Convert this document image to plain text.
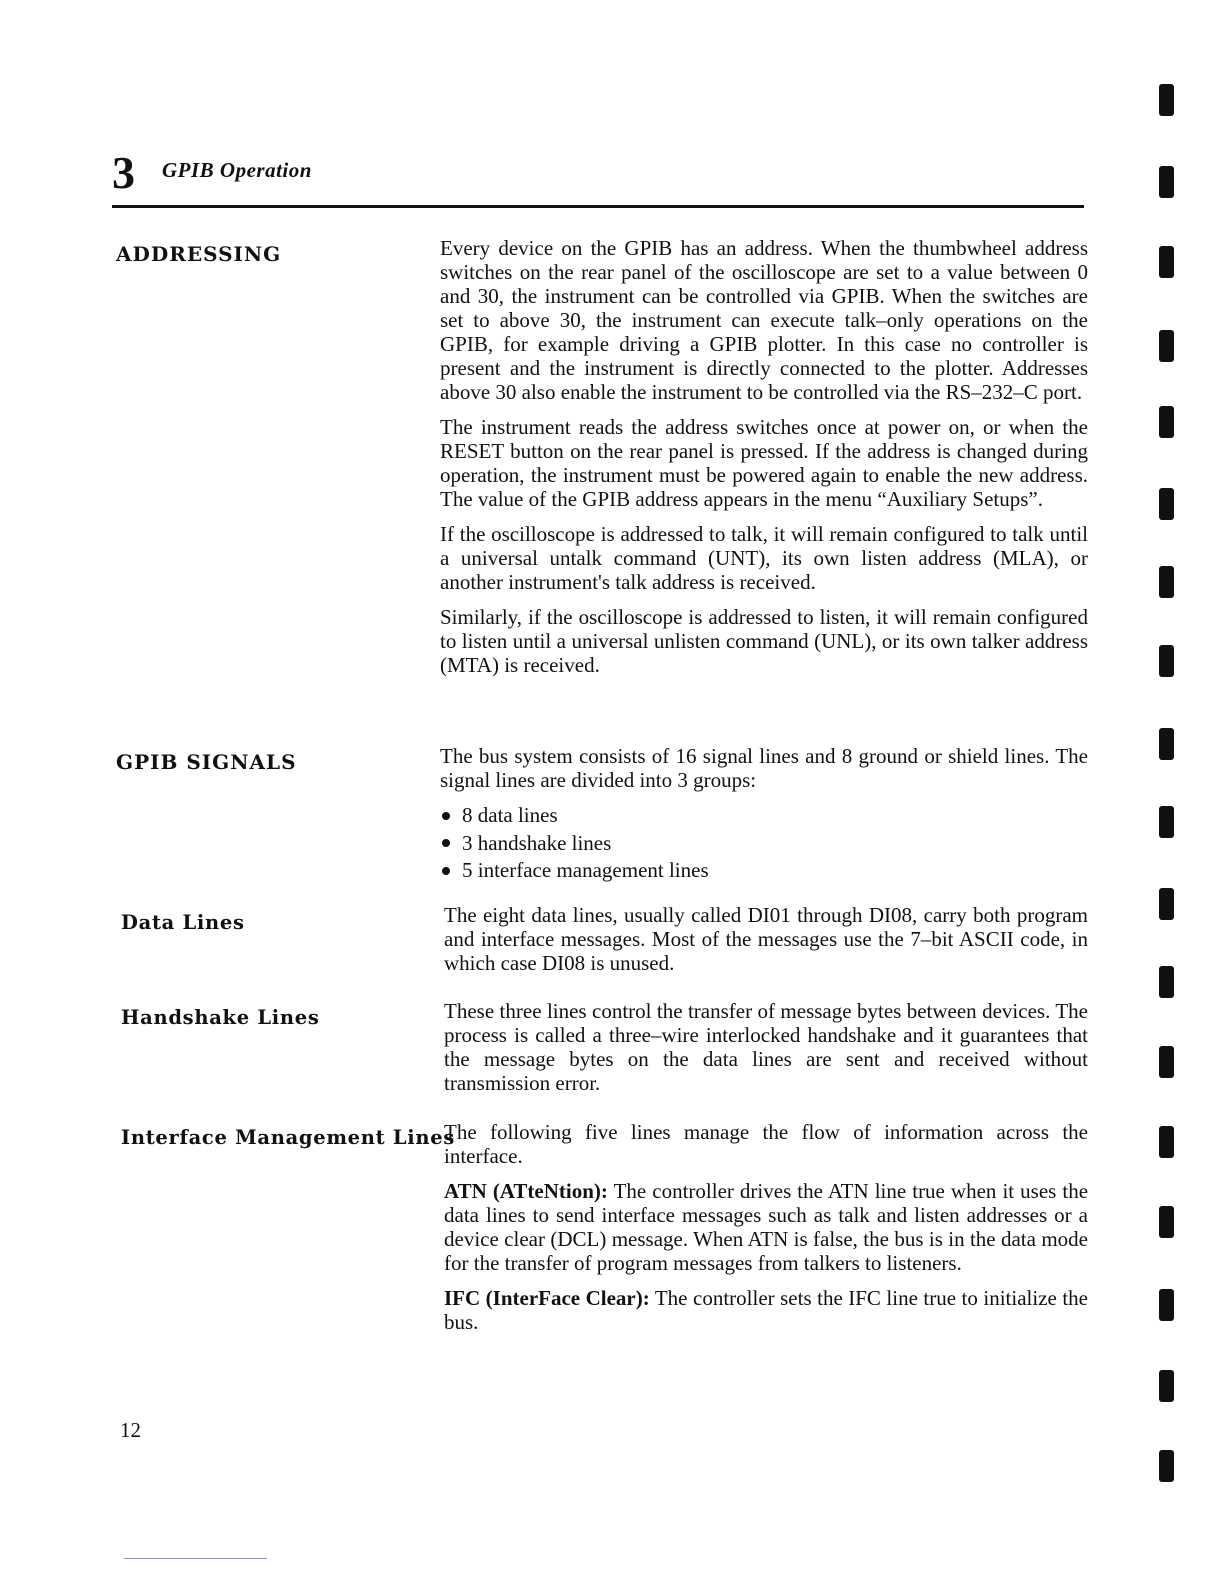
3 GPIB Operation
ADDRESSING	Every device on the GPIB has an address. When the thumbwheel address switches on the rear panel of the oscilloscope are set to a value between 0 and 30, the instrument can be controlled via GPIB. When the switches are set to above 30, the instrument can execute talk–only operations on the GPIB, for example driving a GPIB plotter. In this case no controller is present and the instrument is directly connected to the plotter. Addresses above 30 also enable the instrument to be controlled via the RS–232–C port.

The instrument reads the address switches once at power on, or when the RESET button on the rear panel is pressed. If the address is changed during operation, the instrument must be powered again to enable the new address. The value of the GPIB address appears in the menu “Auxiliary Setups”.

If the oscilloscope is addressed to talk, it will remain configured to talk until a universal untalk command (UNT), its own listen address (MLA), or another instrument's talk address is received.

Similarly, if the oscilloscope is addressed to listen, it will remain configured to listen until a universal unlisten command (UNL), or its own talker address (MTA) is received.

GPIB SIGNALS	The bus system consists of 16 signal lines and 8 ground or shield lines. The signal lines are divided into 3 groups:

8 data lines
3 handshake lines
5 interface management lines
Data Lines	The eight data lines, usually called DI01 through DI08, carry both program and interface messages. Most of the messages use the 7–bit ASCII code, in which case DI08 is unused.

Handshake Lines	These three lines control the transfer of message bytes between devices. The process is called a three–wire interlocked handshake and it guarantees that the message bytes on the data lines are sent and received without transmission error.

Interface Management Lines

The following five lines manage the flow of information across the interface.

ATN (ATteNtion): The controller drives the ATN line true when it uses the data lines to send interface messages such as talk and listen addresses or a device clear (DCL) message. When ATN is false, the bus is in the data mode for the transfer of program messages from talkers to listeners.

IFC (InterFace Clear): The controller sets the IFC line true to initialize the bus.

12
